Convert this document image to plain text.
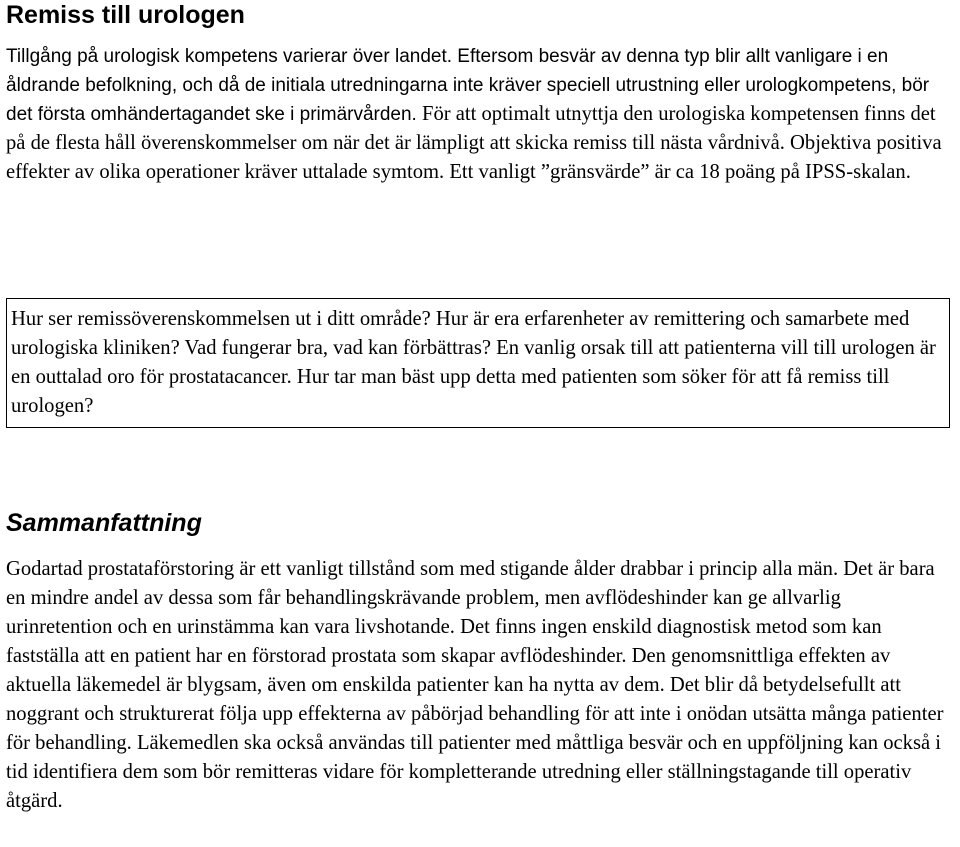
Remiss till urologen

Tillgång på urologisk kompetens varierar över landet. Eftersom besvär av denna typ blir allt vanligare i en åldrande befolkning, och då de initiala utredningarna inte kräver speciell utrustning eller urologkompetens, bör det första omhändertagandet ske i primärvården. För att optimalt utnyttja den urologiska kompetensen finns det på de flesta håll överenskommelser om när det är lämpligt att skicka remiss till nästa vårdnivå. Objektiva positiva effekter av olika operationer kräver uttalade symtom. Ett vanligt ”gränsvärde” är ca 18 poäng på IPSS-skalan.

Hur ser remissöverenskommelsen ut i ditt område? Hur är era erfarenheter av remittering och samarbete med urologiska kliniken? Vad fungerar bra, vad kan förbättras? En vanlig orsak till att patienterna vill till urologen är en outtalad oro för prostatacancer. Hur tar man bäst upp detta med patienten som söker för att få remiss till urologen?
Sammanfattning

Godartad prostataförstoring är ett vanligt tillstånd som med stigande ålder drabbar i princip alla män. Det är bara en mindre andel av dessa som får behandlingskrävande problem, men avflödeshinder kan ge allvarlig urinretention och en urinstämma kan vara livshotande. Det finns ingen enskild diagnostisk metod som kan fastställa att en patient har en förstorad prostata som skapar avflödeshinder. Den genomsnittliga effekten av aktuella läkemedel är blygsam, även om enskilda patienter kan ha nytta av dem. Det blir då betydelsefullt att noggrant och strukturerat följa upp effekterna av påbörjad behandling för att inte i onödan utsätta många patienter för behandling. Läkemedlen ska också användas till patienter med måttliga besvär och en uppföljning kan också i tid identifiera dem som bör remitteras vidare för kompletterande utredning eller ställningstagande till operativ åtgärd.
